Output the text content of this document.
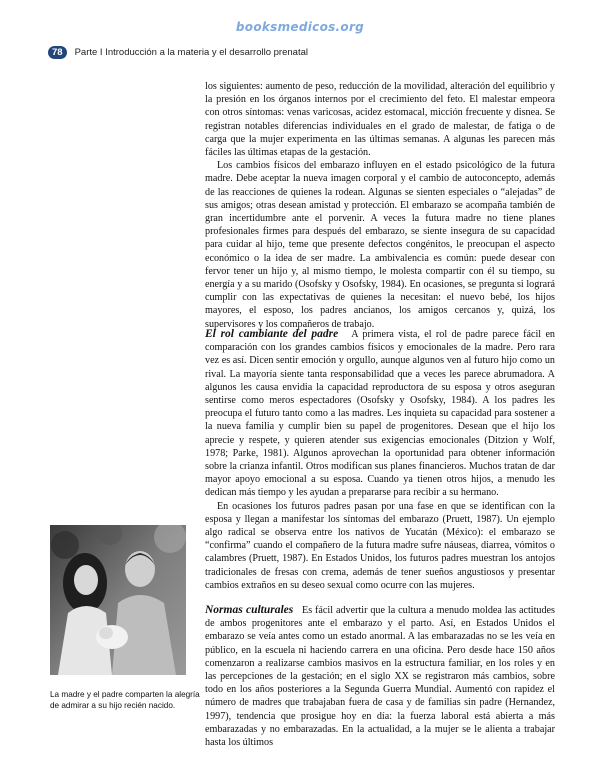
booksmedicos.org
78	Parte I Introducción a la materia y el desarrollo prenatal

los siguientes: aumento de peso, reducción de la movilidad, alteración del equilibrio y la presión en los órganos internos por el crecimiento del feto. El malestar empeora con otros síntomas: venas varicosas, acidez estomacal, micción frecuente y disnea. Se registran notables diferencias individuales en el grado de malestar, de fatiga o de carga que la mujer experimenta en las últimas semanas. A algunas les parecen más fáciles las últimas etapas de la gestación.

Los cambios físicos del embarazo influyen en el estado psicológico de la futura madre. Debe aceptar la nueva imagen corporal y el cambio de autoconcepto, además de las reacciones de quienes la rodean. Algunas se sienten especiales o “alejadas” de sus amigos; otras desean amistad y protección. El embarazo se acompaña también de gran incertidumbre ante el porvenir. A veces la futura madre no tiene planes profesionales firmes para después del embarazo, se siente insegura de su capacidad para cuidar al hijo, teme que presente defectos congénitos, le preocupan el aspecto económico o la idea de ser madre. La ambivalencia es común: puede desear con fervor tener un hijo y, al mismo tiempo, le molesta compartir con él su tiempo, su energía y a su marido (Osofsky y Osofsky, 1984). En ocasiones, se pregunta si logrará cumplir con las expectativas de quienes la necesitan: el nuevo bebé, los hijos mayores, el esposo, los padres ancianos, los amigos cercanos y, quizá, los supervisores y los compañeros de trabajo.

El rol cambiante del padre A primera vista, el rol de padre parece fácil en comparación con los grandes cambios físicos y emocionales de la madre. Pero rara vez es así. Dicen sentir emoción y orgullo, aunque algunos ven al futuro hijo como un rival. La mayoría siente tanta responsabilidad que a veces les parece abrumadora. A algunos les causa envidia la capacidad reproductora de su esposa y otros aseguran sentirse como meros espectadores (Osofsky y Osofsky, 1984). A los padres les preocupa el futuro tanto como a las madres. Les inquieta su capacidad para sostener a la nueva familia y cumplir bien su papel de progenitores. Desean que el hijo los aprecie y respete, y quieren atender sus exigencias emocionales (Ditzion y Wolf, 1978; Parke, 1981). Algunos aprovechan la oportunidad para obtener información sobre la crianza infantil. Otros modifican sus planes financieros. Muchos tratan de dar mayor apoyo emocional a su esposa. Cuando ya tienen otros hijos, a menudo les dedican más tiempo y les ayudan a prepararse para recibir a su hermano.

En ocasiones los futuros padres pasan por una fase en que se identifican con la esposa y llegan a manifestar los síntomas del embarazo (Pruett, 1987). Un ejemplo algo radical se observa entre los nativos de Yucatán (México): el embarazo se “confirma” cuando el compañero de la futura madre sufre náuseas, diarrea, vómitos o calambres (Pruett, 1987). En Estados Unidos, los futuros padres muestran los antojos tradicionales de fresas con crema, además de tener sueños angustiosos y presentar cambios extraños en su deseo sexual como ocurre con las mujeres.

Normas culturales Es fácil advertir que la cultura a menudo moldea las actitudes de ambos progenitores ante el embarazo y el parto. Así, en Estados Unidos el embarazo se veía antes como un estado anormal. A las embarazadas no se les veía en público, en la escuela ni haciendo carrera en una oficina. Pero desde hace 150 años comenzaron a realizarse cambios masivos en la estructura familiar, en los roles y en las percepciones de la gestación; en el siglo XX se registraron más cambios, sobre todo en los años posteriores a la Segunda Guerra Mundial. Aumentó con rapidez el número de madres que trabajaban fuera de casa y de familias sin padre (Hernandez, 1997), tendencia que prosigue hoy en día: la fuerza laboral está abierta a más embarazadas y no embarazadas. En la actualidad, a la mujer se le alienta a trabajar hasta los últimos

La madre y el padre comparten la alegría de admirar a su hijo recién nacido.
